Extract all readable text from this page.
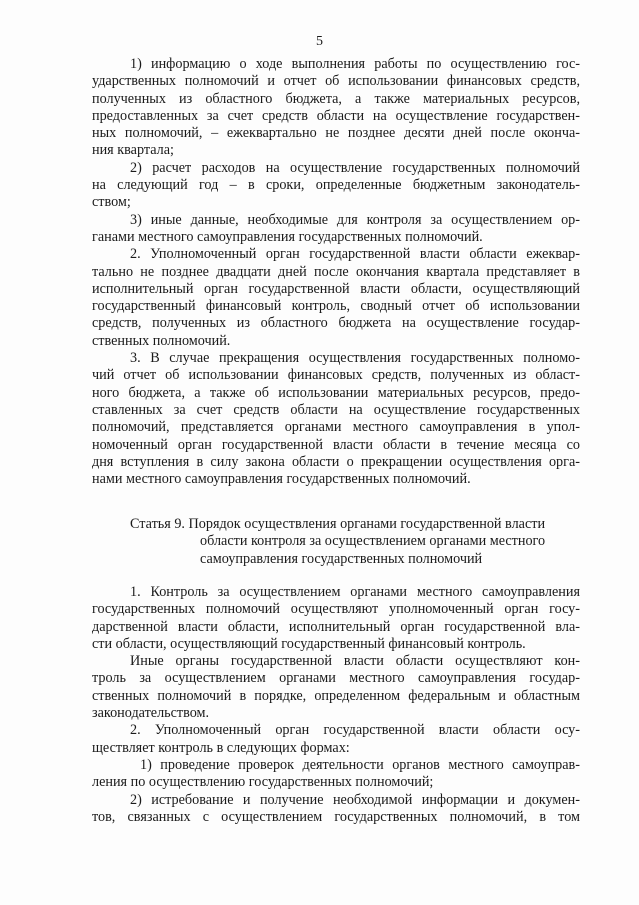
5
1) информацию о ходе выполнения работы по осуществлению гос-
ударственных полномочий и отчет об использовании финансовых средств,
полученных из областного бюджета, а также материальных ресурсов,
предоставленных за счет средств области на осуществление государствен-
ных полномочий, – ежеквартально не позднее десяти дней после оконча-
ния квартала;
2) расчет расходов на осуществление государственных полномочий
на следующий год – в сроки, определенные бюджетным законодатель-
ством;
3) иные данные, необходимые для контроля за осуществлением ор-
ганами местного самоуправления государственных полномочий.
2. Уполномоченный орган государственной власти области ежеквар-
тально не позднее двадцати дней после окончания квартала представляет в
исполнительный орган государственной власти области, осуществляющий
государственный финансовый контроль, сводный отчет об использовании
средств, полученных из областного бюджета на осуществление государ-
ственных полномочий.
3. В случае прекращения осуществления государственных полномо-
чий отчет об использовании финансовых средств, полученных из област-
ного бюджета, а также об использовании материальных ресурсов, предо-
ставленных за счет средств области на осуществление государственных
полномочий, представляется органами местного самоуправления в упол-
номоченный орган государственной власти области в течение месяца со
дня вступления в силу закона области о прекращении осуществления орга-
нами местного самоуправления государственных полномочий.
Статья 9. Порядок осуществления органами государственной власти
области контроля за осуществлением органами местного
самоуправления государственных полномочий
1. Контроль за осуществлением органами местного самоуправления
государственных полномочий осуществляют уполномоченный орган госу-
дарственной власти области, исполнительный орган государственной вла-
сти области, осуществляющий государственный финансовый контроль.
Иные органы государственной власти области осуществляют кон-
троль за осуществлением органами местного самоуправления государ-
ственных полномочий в порядке, определенном федеральным и областным
законодательством.
2. Уполномоченный орган государственной власти области осу-
ществляет контроль в следующих формах:
1) проведение проверок деятельности органов местного самоуправ-
ления по осуществлению государственных полномочий;
2) истребование и получение необходимой информации и докумен-
тов, связанных с осуществлением государственных полномочий, в том
